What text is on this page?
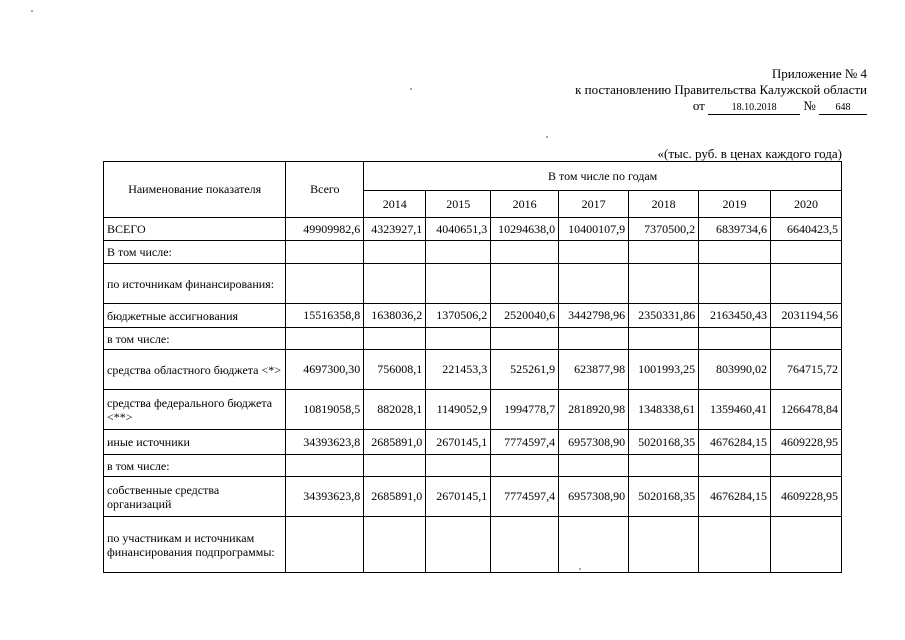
Приложение № 4
к постановлению Правительства Калужской области
от	18.10.2018 № 648
«(тыс. руб. в ценах каждого года)
Наименование показателя	Всего	В том числе по годам						
		2014	2015	2016	2017	2018	2019	2020
ВСЕГО	49909982,6	4323927,1	4040651,3	10294638,0	10400107,9	7370500,2	6839734,6	6640423,5
В том числе:								
по источникам финансирования:								
бюджетные ассигнования	15516358,8	1638036,2	1370506,2	2520040,6	3442798,96	2350331,86	2163450,43	2031194,56
в том числе:								
средства областного бюджета <*>	4697300,30	756008,1	221453,3	525261,9	623877,98	1001993,25	803990,02	764715,72
средства федерального бюджета <**>	10819058,5	882028,1	1149052,9	1994778,7	2818920,98	1348338,61	1359460,41	1266478,84
иные источники	34393623,8	2685891,0	2670145,1	7774597,4	6957308,90	5020168,35	4676284,15	4609228,95
в том числе:								
собственные средства организаций	34393623,8	2685891,0	2670145,1	7774597,4	6957308,90	5020168,35	4676284,15	4609228,95
по участникам и источникам финансирования подпрограммы:								
